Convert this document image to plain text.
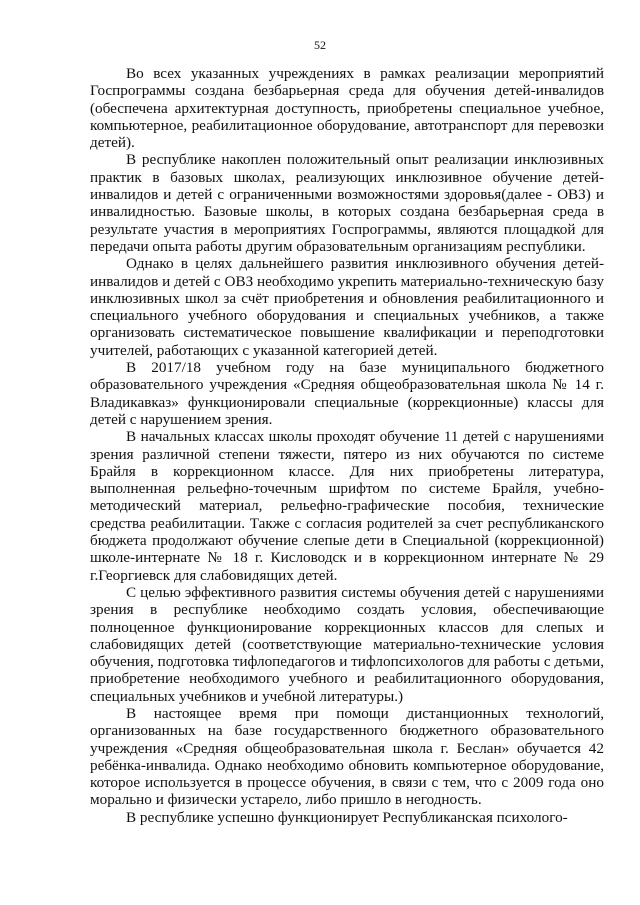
52

Во всех указанных учреждениях в рамках реализации мероприятий Госпрограммы создана безбарьерная среда для обучения детей-инвалидов (обеспечена архитектурная доступность, приобретены специальное учебное, компьютерное, реабилитационное оборудование, автотранспорт для перевозки детей).

В республике накоплен положительный опыт реализации инклюзивных практик в базовых школах, реализующих инклюзивное обучение детей-инвалидов и детей с ограниченными возможностями здоровья(далее - ОВЗ) и инвалидностью. Базовые школы, в которых создана безбарьерная среда в результате участия в мероприятиях Госпрограммы, являются площадкой для передачи опыта работы другим образовательным организациям республики.

Однако в целях дальнейшего развития инклюзивного обучения детей-инвалидов и детей с ОВЗ необходимо укрепить материально-техническую базу инклюзивных школ за счёт приобретения и обновления реабилитационного и специального учебного оборудования и специальных учебников, а также организовать систематическое повышение квалификации и переподготовки учителей, работающих с указанной категорией детей.

В 2017/18 учебном году на базе муниципального бюджетного образовательного учреждения «Средняя общеобразовательная школа № 14 г. Владикавказ» функционировали специальные (коррекционные) классы для детей с нарушением зрения.

В начальных классах школы проходят обучение 11 детей с нарушениями зрения различной степени тяжести, пятеро из них обучаются по системе Брайля в коррекционном классе. Для них приобретены литература, выполненная рельефно-точечным шрифтом по системе Брайля, учебно-методический материал, рельефно-графические пособия, технические средства реабилитации. Также с согласия родителей за счет республиканского бюджета продолжают обучение слепые дети в Специальной (коррекционной) школе-интернате № 18 г. Кисловодск и в коррекционном интернате № 29 г.Георгиевск для слабовидящих детей.

С целью эффективного развития системы обучения детей с нарушениями зрения в республике необходимо создать условия, обеспечивающие полноценное функционирование коррекционных классов для слепых и слабовидящих детей (соответствующие материально-технические условия обучения, подготовка тифлопедагогов и тифлопсихологов для работы с детьми, приобретение необходимого учебного и реабилитационного оборудования, специальных учебников и учебной литературы.)

В настоящее время при помощи дистанционных технологий, организованных на базе государственного бюджетного образовательного учреждения «Средняя общеобразовательная школа г. Беслан» обучается 42 ребёнка-инвалида. Однако необходимо обновить компьютерное оборудование, которое используется в процессе обучения, в связи с тем, что с 2009 года оно морально и физически устарело, либо пришло в негодность.

В республике успешно функционирует Республиканская психолого-
